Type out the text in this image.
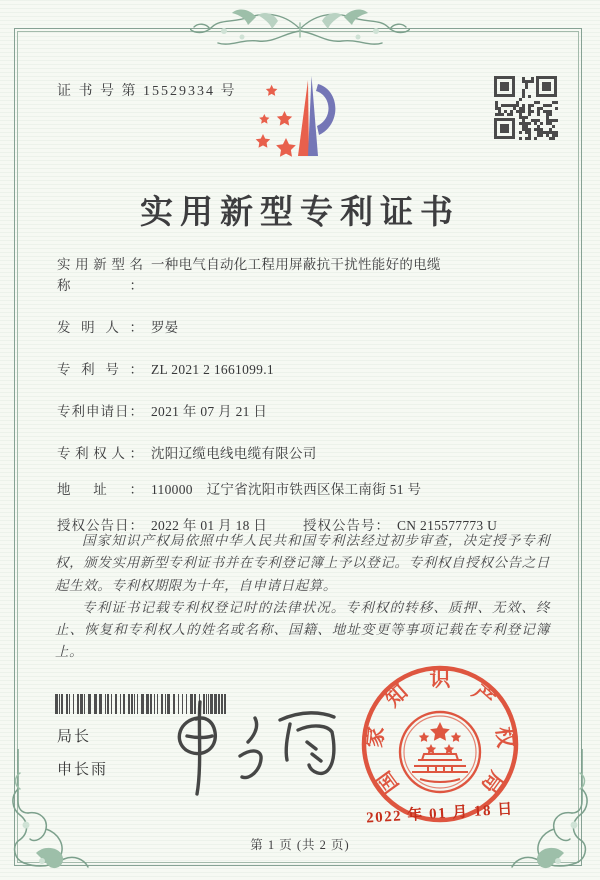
证 书 号 第 15529334 号
实用新型专利证书
实用新型名称：
一种电气自动化工程用屏蔽抗干扰性能好的电缆
发明人： 罗晏
专利号： ZL 2021 2 1661099.1
专利申请日： 2021 年 07 月 21 日
专利权人： 沈阳辽缆电线电缆有限公司
地址： 110000　辽宁省沈阳市铁西区保工南街 51 号
授权公告日： 2022 年 01 月 18 日	授权公告号： CN 215577773 U

国家知识产权局依照中华人民共和国专利法经过初步审查，决定授予专利权，颁发实用新型专利证书并在专利登记簿上予以登记。专利权自授权公告之日起生效。专利权期限为十年，自申请日起算。

专利证书记载专利权登记时的法律状况。专利权的转移、质押、无效、终止、恢复和专利权人的姓名或名称、国籍、地址变更等事项记载在专利登记簿上。

局长
申长雨	国
家
知
识
产
权
局
2022 年 01 月 18 日
第 1 页 (共 2 页)
